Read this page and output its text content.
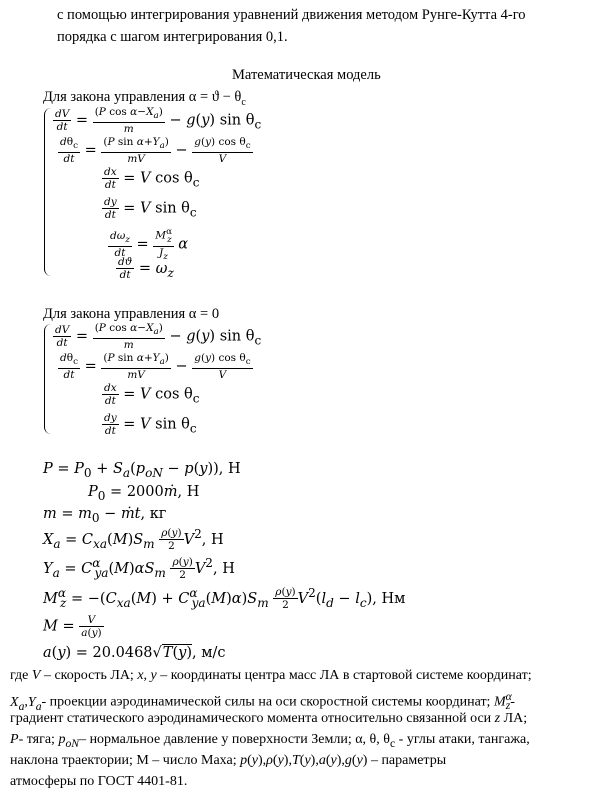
с помощью интегрирования уравнений движения методом Рунге-Кутта 4-го
порядка с шагом интегрирования 0,1.
Математическая модель
Для закона управления $\alpha = ϑ - \theta_c$
$\frac{dV}{dt} = \frac{(P \cos \alpha-X_a)}{m} - g(y)$ $\sin \theta_c$
$\frac{d\theta_c}{dt} = \frac{(P \sin \alpha+Y_a)}{mV} - \frac{g(y) \cos \theta_c}{V}$
$\frac{dx}{dt} = V$ $\cos \theta_c$
$\frac{dy}{dt} = V$ $\sin \theta_c$
$\frac{d\omega_z}{dt} = \frac{M^\alpha_z}{J_z}$ α
$\frac{dϑ}{dt} = \omega_z$
Для закона управления α = 0
$\frac{dV}{dt} = \frac{(P \cos \alpha-X_a)}{m} - g(y)$ $\sin \theta_c$
$\frac{d\theta_c}{dt} = \frac{(P \sin \alpha+Y_a)}{mV} - \frac{g(y) \cos \theta_c}{V}$
$\frac{dx}{dt} = V$ $\cos \theta_c$
$\frac{dy}{dt} = V$ $\sin \theta_c$
$P = P_0 + S_a(p_{oN} - p(y))$, Н
$P_0$ = 2000ṁ, Н
$m = m_0$ − ṁt, кг
$X_a = C_{xa}(M)S_m \frac{\rho(y)}{2} V^2$, Н
$Y_a = C^\alpha_{ya}(M)\alpha S_m \frac{\rho(y)}{2} V^2$, Н
$M^\alpha_z = -(C_{xa}(M) + C^\alpha_{ya}(M)\alpha)S_m \frac{\rho(y)}{2} V^2(l_d - l_c)$, Нм
$M = \frac{V}{a(y)}$
a(y) = 20.0468√T(y), м/с
где V – скорость ЛА; x, y – координаты центра масс ЛА в стартовой системе координат;
$X_a,Y_a-$ проекции аэродинамической силы на оси скоростной системы координат; $M^\alpha_z-$
градиент статического аэродинамического момента относительно связанной оси z ЛА;
P- тяга; $p_{oN}-$ нормальное давление у поверхности Земли; α, θ, $\theta_c$ - углы атаки, тангажа,
наклона траектории; М – число Маха; p(y),ρ(y),T(y),a(y),g(y) – параметры
атмосферы по ГОСТ 4401-81.
